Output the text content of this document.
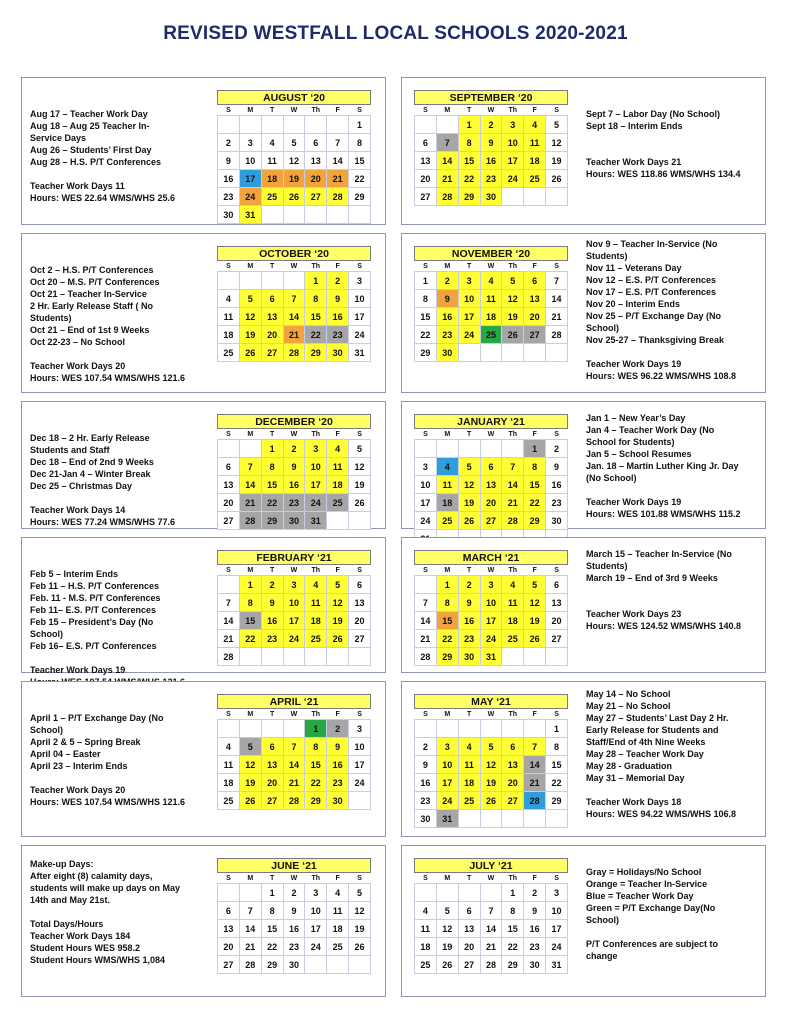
REVISED WESTFALL LOCAL SCHOOLS 2020-2021
AUGUST ‘20
S	M	T	W	Th	F	S
						1
2	3	4	5	6	7	8
9	10	11	12	13	14	15
16	17	18	19	20	21	22
23	24	25	26	27	28	29
30	31					
Aug 17 – Teacher Work Day
Aug 18 – Aug 25 Teacher In-
Service Days
Aug 26 – Students’ First Day
Aug 28 – H.S. P/T Conferences
Teacher Work Days 11
Hours: WES 22.64 WMS/WHS 25.6
SEPTEMBER ‘20
S	M	T	W	Th	F	S
		1	2	3	4	5
6	7	8	9	10	11	12
13	14	15	16	17	18	19
20	21	22	23	24	25	26
27	28	29	30			
Sept 7 – Labor Day (No School)
Sept 18 – Interim Ends
Teacher Work Days 21
Hours: WES 118.86 WMS/WHS 134.4
OCTOBER ‘20
S	M	T	W	Th	F	S
				1	2	3
4	5	6	7	8	9	10
11	12	13	14	15	16	17
18	19	20	21	22	23	24
25	26	27	28	29	30	31
Oct 2 – H.S. P/T Conferences
Oct 20 – M.S. P/T Conferences
Oct 21 – Teacher In-Service
2 Hr. Early Release Staff ( No
Students)
Oct 21 – End of 1st 9 Weeks
Oct 22-23 – No School
Teacher Work Days 20
Hours: WES 107.54 WMS/WHS 121.6
NOVEMBER ‘20
S	M	T	W	Th	F	S
1	2	3	4	5	6	7
8	9	10	11	12	13	14
15	16	17	18	19	20	21
22	23	24	25	26	27	28
29	30					
Nov 9 – Teacher In-Service (No
Students)
Nov 11 – Veterans Day
Nov 12 – E.S. P/T Conferences
Nov 17 – E.S. P/T Conferences
Nov 20 – Interim Ends
Nov 25 – P/T Exchange Day (No
School)
Nov 25-27 – Thanksgiving Break
Teacher Work Days 19
Hours: WES 96.22 WMS/WHS 108.8
DECEMBER ‘20
S	M	T	W	Th	F	S
		1	2	3	4	5
6	7	8	9	10	11	12
13	14	15	16	17	18	19
20	21	22	23	24	25	26
27	28	29	30	31		
Dec 18 – 2 Hr. Early Release
Students and Staff
Dec 18 – End of 2nd 9 Weeks
Dec 21-Jan 4 – Winter Break
Dec 25 – Christmas Day
Teacher Work Days 14
Hours: WES 77.24 WMS/WHS 77.6
JANUARY ‘21
S	M	T	W	Th	F	S
					1	2
3	4	5	6	7	8	9
10	11	12	13	14	15	16
17	18	19	20	21	22	23
24	25	26	27	28	29	30

Jan 1 – New Year’s Day
Jan 4 – Teacher Work Day (No
School for Students)
Jan 5 – School Resumes
Jan. 18 – Martin Luther King Jr. Day
(No School)
Teacher Work Days 19
Hours: WES 101.88 WMS/WHS 115.2
FEBRUARY ‘21
S	M	T	W	Th	F	S
	1	2	3	4	5	6
7	8	9	10	11	12	13
14	15	16	17	18	19	20
21	22	23	24	25	26	27
28						
Feb 5 – Interim Ends
Feb 11 – H.S. P/T Conferences
Feb. 11 - M.S. P/T Conferences
Feb 11– E.S. P/T Conferences
Feb 15 – President’s Day (No
School)
Feb 16– E.S. P/T Conferences
Teacher Work Days 19
MARCH ‘21
S	M	T	W	Th	F	S
	1	2	3	4	5	6
7	8	9	10	11	12	13
14	15	16	17	18	19	20
21	22	23	24	25	26	27
28	29	30	31			
March 15 – Teacher In-Service (No
Students)
March 19 – End of 3rd 9 Weeks
Teacher Work Days 23
Hours: WES 124.52 WMS/WHS 140.8
APRIL ‘21
S	M	T	W	Th	F	S
				1	2	3
4	5	6	7	8	9	10
11	12	13	14	15	16	17
18	19	20	21	22	23	24
25	26	27	28	29	30	
April 1 – P/T Exchange Day (No
School)
April 2 & 5 – Spring Break
April 04 – Easter
April 23 – Interim Ends
Teacher Work Days 20
Hours: WES 107.54 WMS/WHS 121.6
MAY ‘21
S	M	T	W	Th	F	S
						1
2	3	4	5	6	7	8
9	10	11	12	13	14	15
16	17	18	19	20	21	22
23	24	25	26	27	28	29
30	31					
May 14 – No School
May 21 – No School
May 27 – Students’ Last Day 2 Hr.
Early Release for Students and
Staff/End of 4th Nine Weeks
May 28 – Teacher Work Day
May 28 - Graduation
May 31 – Memorial Day
Teacher Work Days 18
Hours: WES 94.22 WMS/WHS 106.8
JUNE ‘21
S	M	T	W	Th	F	S
		1	2	3	4	5
6	7	8	9	10	11	12
13	14	15	16	17	18	19
20	21	22	23	24	25	26
27	28	29	30			
Make-up Days:
After eight (8) calamity days,
students will make up days on May
14th and May 21st.
Total Days/Hours
Teacher Work Days 184
Student Hours WES 958.2
Student Hours WMS/WHS 1,084
JULY ‘21
S	M	T	W	Th	F	S
				1	2	3
4	5	6	7	8	9	10
11	12	13	14	15	16	17
18	19	20	21	22	23	24
25	26	27	28	29	30	31
Gray = Holidays/No School
Orange = Teacher In-Service
Blue = Teacher Work Day
Green = P/T Exchange Day(No
School)
P/T Conferences are subject to
change
